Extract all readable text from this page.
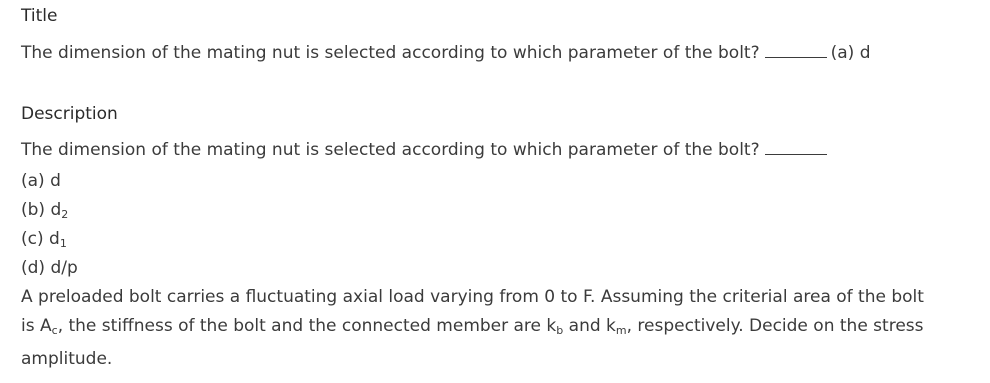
Title
The dimension of the mating nut is selected according to which parameter of the bolt?	(a) d
Description
The dimension of the mating nut is selected according to which parameter of the bolt?
(a) d
(b) $d_2$
(c) $d_1$
(d) d/p
A preloaded bolt carries a fluctuating axial load varying from 0 to F. Assuming the criterial area of the bolt
is $A_c$, the stiffness of the bolt and the connected member are $k_b$ and $k_m$, respectively. Decide on the stress
amplitude.
